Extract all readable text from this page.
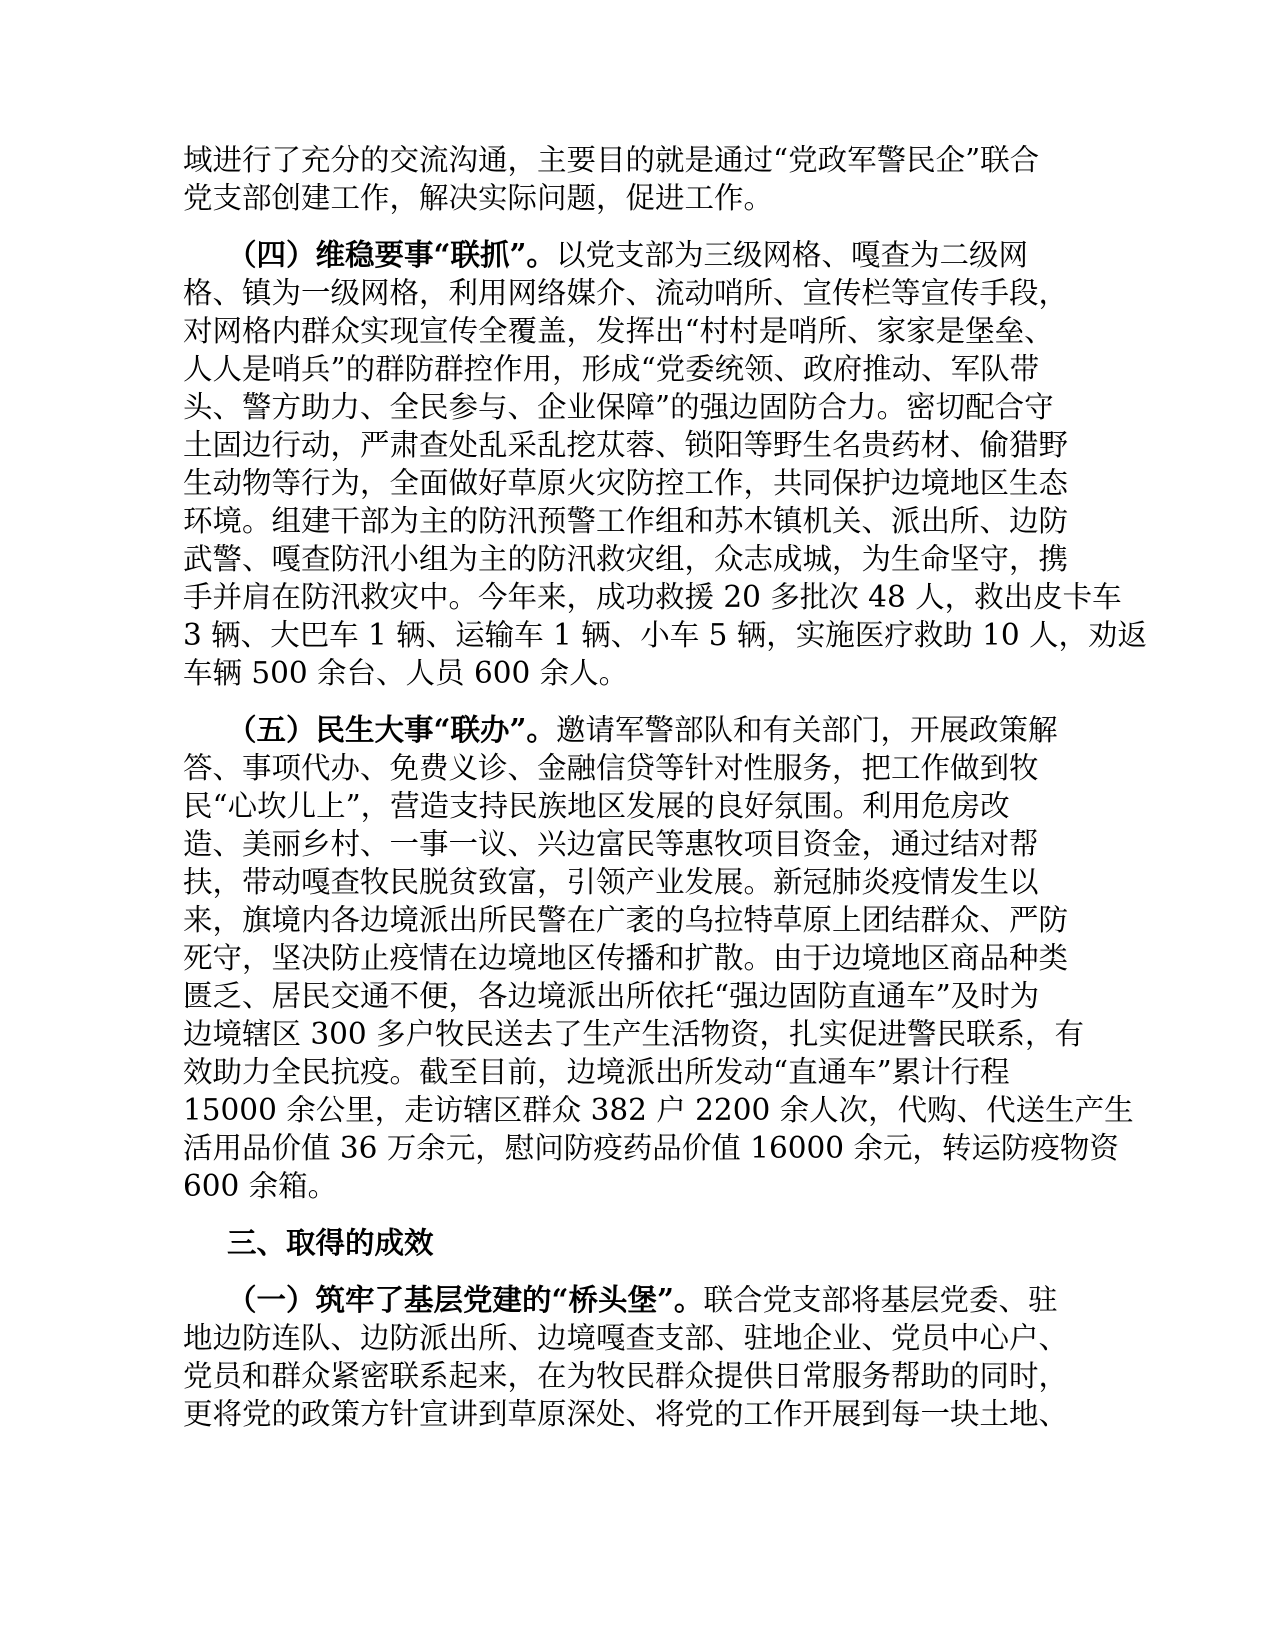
域进行了充分的交流沟通，主要目的就是通过“党政军警民企”联合
党支部创建工作，解决实际问题，促进工作。
（四）维稳要事“联抓”。以党支部为三级网格、嘎查为二级网
格、镇为一级网格，利用网络媒介、流动哨所、宣传栏等宣传手段，
对网格内群众实现宣传全覆盖，发挥出“村村是哨所、家家是堡垒、
人人是哨兵”的群防群控作用，形成“党委统领、政府推动、军队带
头、警方助力、全民参与、企业保障”的强边固防合力。密切配合守
土固边行动，严肃查处乱采乱挖苁蓉、锁阳等野生名贵药材、偷猎野
生动物等行为，全面做好草原火灾防控工作，共同保护边境地区生态
环境。组建干部为主的防汛预警工作组和苏木镇机关、派出所、边防
武警、嘎查防汛小组为主的防汛救灾组，众志成城，为生命坚守，携
手并肩在防汛救灾中。今年来，成功救援 20 多批次 48 人，救出皮卡车
3 辆、大巴车 1 辆、运输车 1 辆、小车 5 辆，实施医疗救助 10 人，劝返
车辆 500 余台、人员 600 余人。
（五）民生大事“联办”。邀请军警部队和有关部门，开展政策解
答、事项代办、免费义诊、金融信贷等针对性服务，把工作做到牧
民“心坎儿上”，营造支持民族地区发展的良好氛围。利用危房改
造、美丽乡村、一事一议、兴边富民等惠牧项目资金，通过结对帮
扶，带动嘎查牧民脱贫致富，引领产业发展。新冠肺炎疫情发生以
来，旗境内各边境派出所民警在广袤的乌拉特草原上团结群众、严防
死守，坚决防止疫情在边境地区传播和扩散。由于边境地区商品种类
匮乏、居民交通不便，各边境派出所依托“强边固防直通车”及时为
边境辖区 300 多户牧民送去了生产生活物资，扎实促进警民联系，有
效助力全民抗疫。截至目前，边境派出所发动“直通车”累计行程
15000 余公里，走访辖区群众 382 户 2200 余人次，代购、代送生产生
活用品价值 36 万余元，慰问防疫药品价值 16000 余元，转运防疫物资
600 余箱。
三、取得的成效
（一）筑牢了基层党建的“桥头堡”。联合党支部将基层党委、驻
地边防连队、边防派出所、边境嘎查支部、驻地企业、党员中心户、
党员和群众紧密联系起来，在为牧民群众提供日常服务帮助的同时，
更将党的政策方针宣讲到草原深处、将党的工作开展到每一块土地、
